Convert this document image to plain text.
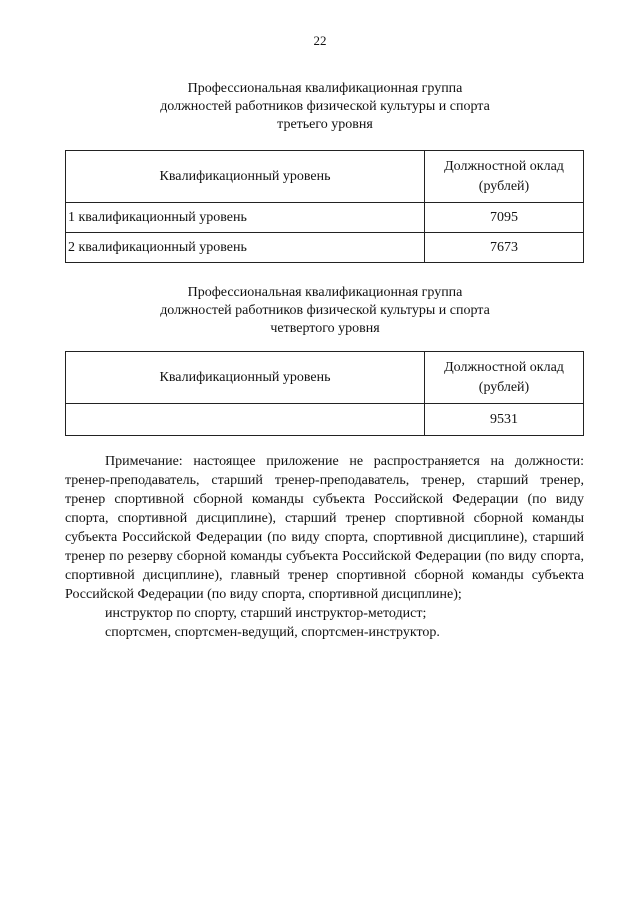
22
Профессиональная квалификационная группа
должностей работников физической культуры и спорта
третьего уровня
Квалификационный уровень	Должностной оклад
(рублей)
1 квалификационный уровень	7095
2 квалификационный уровень	7673
Профессиональная квалификационная группа
должностей работников физической культуры и спорта
четвертого уровня
Квалификационный уровень	Должностной оклад
(рублей)
	9531

Примечание: настоящее приложение не распространяется на должности: тренер-преподаватель, старший тренер-преподаватель, тренер, старший тренер, тренер спортивной сборной команды субъекта Российской Федерации (по виду спорта, спортивной дисциплине), старший тренер спортивной сборной команды субъекта Российской Федерации (по виду спорта, спортивной дисциплине), старший тренер по резерву сборной команды субъекта Российской Федерации (по виду спорта, спортивной дисциплине), главный тренер спортивной сборной команды субъекта Российской Федерации (по виду спорта, спортивной дисциплине);

инструктор по спорту, старший инструктор-методист;

спортсмен, спортсмен-ведущий, спортсмен-инструктор.
